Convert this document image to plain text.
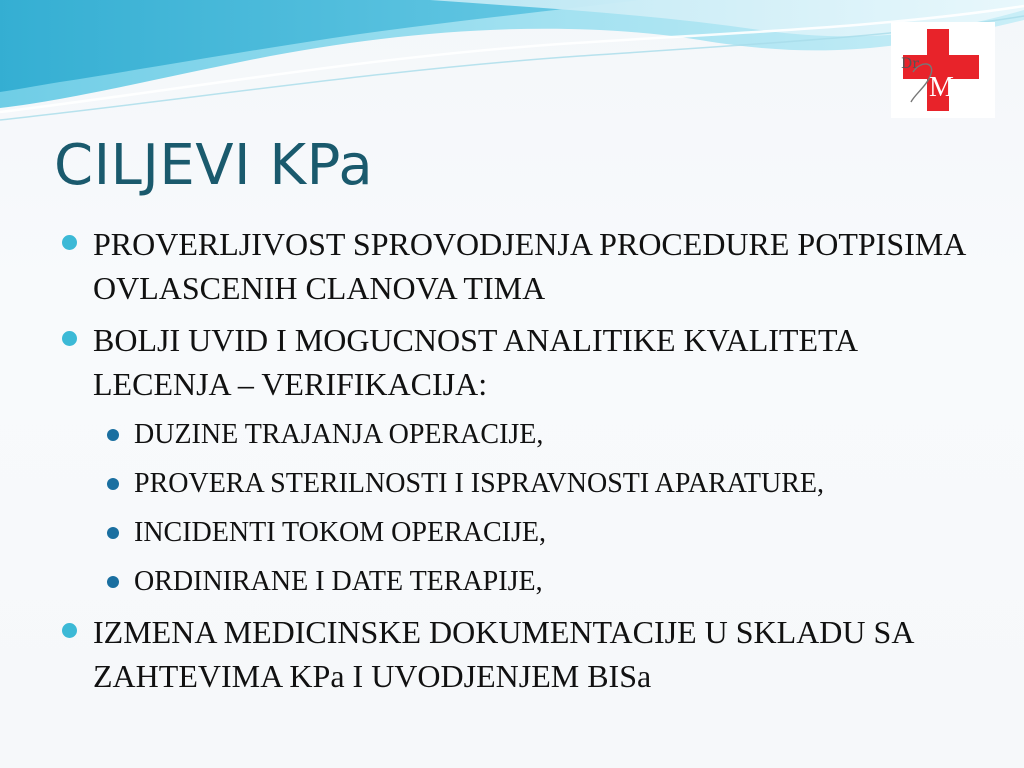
Dr
M
CILJEVI KPa
PROVERLJIVOST SPROVODJENJA PROCEDURE POTPISIMA OVLASCENIH CLANOVA TIMA
BOLJI UVID I MOGUCNOST ANALITIKE KVALITETA LECENJA – VERIFIKACIJA:
DUZINE TRAJANJA OPERACIJE,
PROVERA STERILNOSTI I ISPRAVNOSTI APARATURE,
INCIDENTI TOKOM OPERACIJE,
ORDINIRANE I DATE TERAPIJE,
IZMENA MEDICINSKE DOKUMENTACIJE U SKLADU SA ZAHTEVIMA KPa I UVODJENJEM BISa
